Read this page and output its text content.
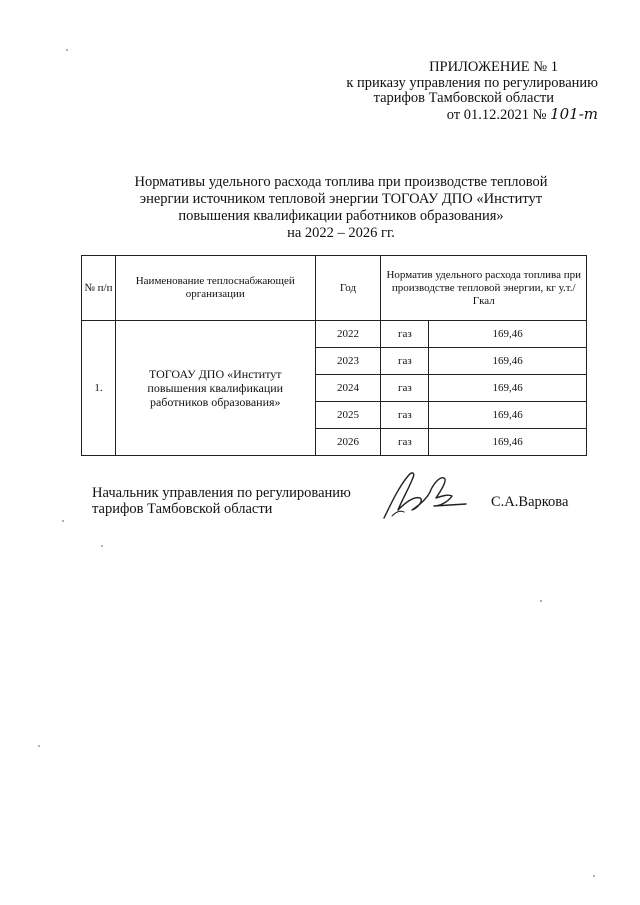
ПРИЛОЖЕНИЕ № 1
к приказу управления по регулированию
тарифов Тамбовской области
от 01.12.2021 № 101-т
Нормативы удельного расхода топлива при производстве тепловой
энергии источником тепловой энергии ТОГОАУ ДПО «Институт
повышения квалификации работников образования»
на 2022 – 2026 гг.
№ п/п	Наименование теплоснабжающей организации	Год	Норматив удельного расхода топлива при производстве тепловой энергии, кг у.т./Гкал	
1.	ТОГОАУ ДПО «Институт повышения квалификации работников образования»	2022	газ	169,46
		2023	газ	169,46
		2024	газ	169,46
		2025	газ	169,46
		2026	газ	169,46
Начальник управления по регулированию
тарифов Тамбовской области	С.А.Варкова
